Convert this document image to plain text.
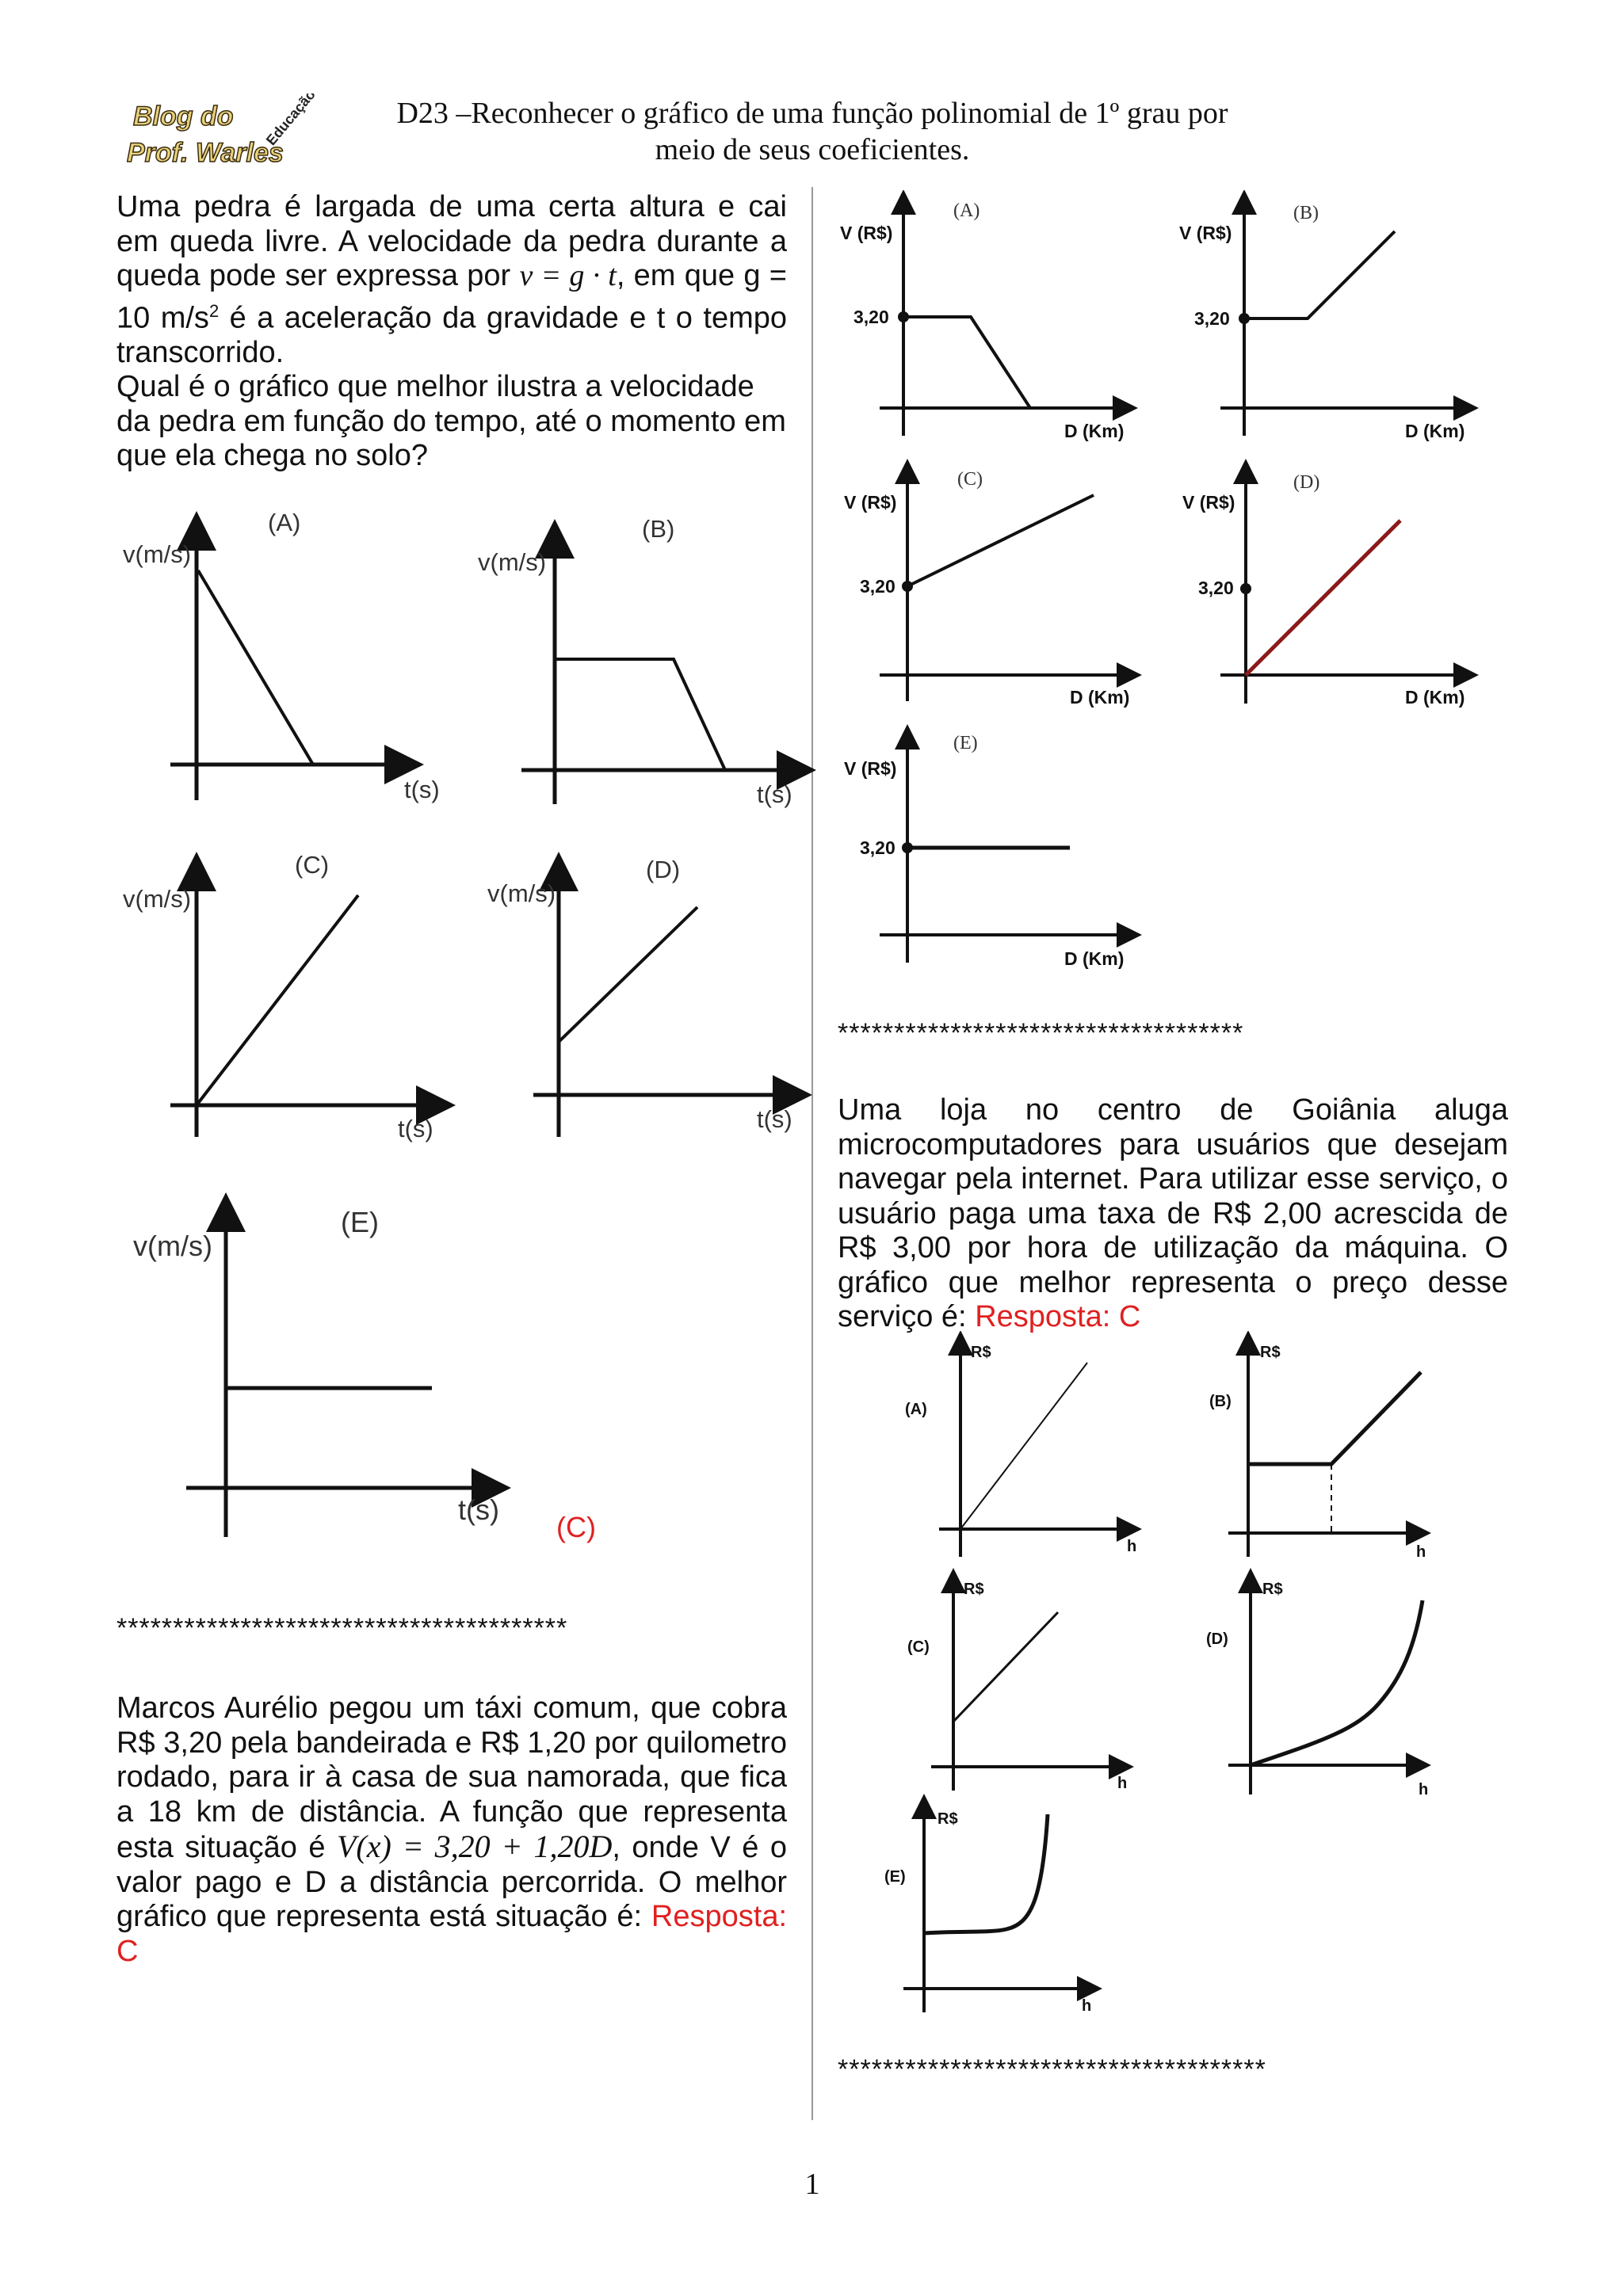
Blog do
Prof. Warles
Educação	D23 –Reconhecer o gráfico de uma função polinomial de 1º grau por
meio de seus coeficientes.
Uma pedra é largada de uma certa altura e cai em queda livre. A velocidade da pedra durante a queda pode ser expressa por v = g · t, em que g = 10 $m/s^2$ é a aceleração da gravidade e t o tempo transcorrido.
Qual é o gráfico que melhor ilustra a velocidade da pedra em função do tempo, até o momento em que ela chega no solo?
v(m/s)
t(s)
(A)
v(m/s)
t(s)
(B)
v(m/s)
t(s)
(C)
v(m/s)
t(s)
(D)
v(m/s)
t(s)
(E)
(C)
****************************************
Marcos Aurélio pegou um táxi comum, que cobra R$ 3,20 pela bandeirada e R$ 1,20 por quilometro rodado, para ir à casa de sua namorada, que fica a 18 km de distância. A função que representa esta situação é V(x) = 3,20 + 1,20D, onde V é o valor pago e D a distância percorrida. O melhor gráfico que representa está situação é: Resposta: C
V (R$)
3,20
D (Km)
(A)
V (R$)
3,20
D (Km)
(B)
V (R$)
3,20
D (Km)
(C)
V (R$)
3,20
D (Km)
(D)
V (R$)
3,20
D (Km)
(E)
************************************
Uma loja no centro de Goiânia aluga microcomputadores para usuários que desejam navegar pela internet. Para utilizar esse serviço, o usuário paga uma taxa de R$ 2,00 acrescida de R$ 3,00 por hora de utilização da máquina. O gráfico que melhor representa o preço desse serviço é: Resposta: C
R$
h
(A)
R$
h
(B)
R$
h
(C)
R$
h
(D)
R$
h
(E)
**************************************
1
